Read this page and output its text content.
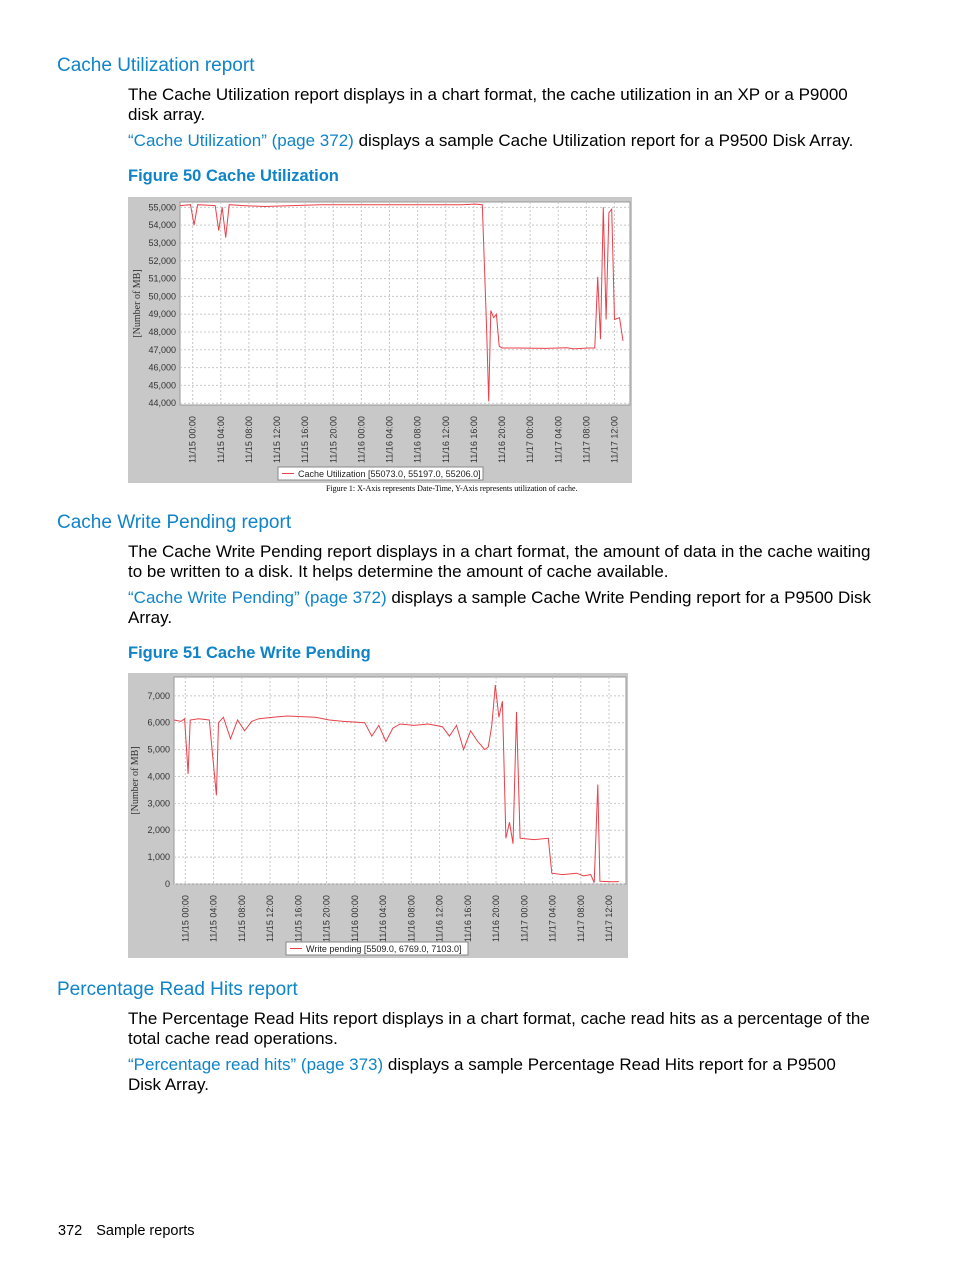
Cache Utilization report

The Cache Utilization report displays in a chart format, the cache utilization in an XP or a P9000 disk array.

“Cache Utilization” (page 372) displays a sample Cache Utilization report for a P9500 Disk Array.

Figure 50 Cache Utilization

44,000
45,000
46,000
47,000
48,000
49,000
50,000
51,000
52,000
53,000
54,000
55,000
11/15 00:00 11/15 04:00 11/15 08:00 11/15 12:00 11/15 16:00 11/15 20:00 11/16 00:00 11/16 04:00 11/16 08:00 11/16 12:00 11/16 16:00 11/16 20:00 11/17 00:00 11/17 04:00 11/17 08:00 11/17 12:00
[Number of MB]
Cache Utilization [55073.0, 55197.0, 55206.0]
Figure 1: X-Axis represents Date-Time, Y-Axis represents utilization of cache.
Cache Write Pending report

The Cache Write Pending report displays in a chart format, the amount of data in the cache waiting to be written to a disk. It helps determine the amount of cache available.

“Cache Write Pending” (page 372) displays a sample Cache Write Pending report for a P9500 Disk Array.

Figure 51 Cache Write Pending

0
1,000
2,000
3,000
4,000
5,000
6,000
7,000
11/15 00:00 11/15 04:00 11/15 08:00 11/15 12:00 11/15 16:00 11/15 20:00 11/16 00:00 11/16 04:00 11/16 08:00 11/16 12:00 11/16 16:00 11/16 20:00 11/17 00:00 11/17 04:00 11/17 08:00 11/17 12:00
[Number of MB]
Write pending [5509.0, 6769.0, 7103.0]
Percentage Read Hits report

The Percentage Read Hits report displays in a chart format, cache read hits as a percentage of the total cache read operations.

“Percentage read hits” (page 373) displays a sample Percentage Read Hits report for a P9500 Disk Array.

372 Sample reports
